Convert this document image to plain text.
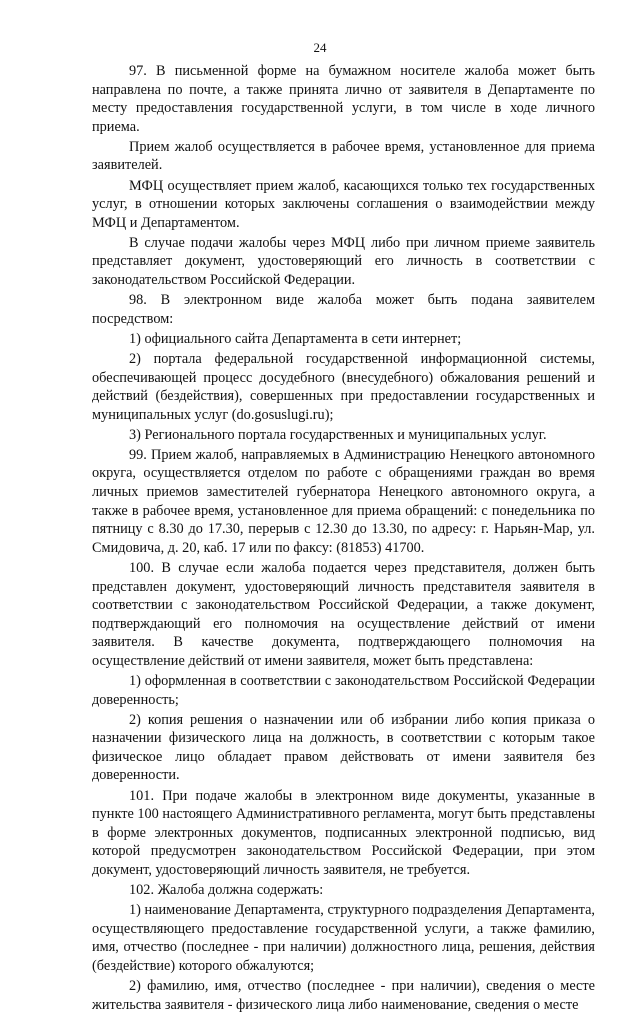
24

97. В письменной форме на бумажном носителе жалоба может быть направлена по почте, а также принята лично от заявителя в Департаменте по месту предоставления государственной услуги, в том числе в ходе личного приема.

Прием жалоб осуществляется в рабочее время, установленное для приема заявителей.

МФЦ осуществляет прием жалоб, касающихся только тех государственных услуг, в отношении которых заключены соглашения о взаимодействии между МФЦ и Департаментом.

В случае подачи жалобы через МФЦ либо при личном приеме заявитель представляет документ, удостоверяющий его личность в соответствии с законодательством Российской Федерации.

98. В электронном виде жалоба может быть подана заявителем посредством:

1) официального сайта Департамента в сети интернет;

2) портала федеральной государственной информационной системы, обеспечивающей процесс досудебного (внесудебного) обжалования решений и действий (бездействия), совершенных при предоставлении государственных и муниципальных услуг (do.gosuslugi.ru);

3) Регионального портала государственных и муниципальных услуг.

99. Прием жалоб, направляемых в Администрацию Ненецкого автономного округа, осуществляется отделом по работе с обращениями граждан во время личных приемов заместителей губернатора Ненецкого автономного округа, а также в рабочее время, установленное для приема обращений: с понедельника по пятницу с 8.30 до 17.30, перерыв с 12.30 до 13.30, по адресу: г. Нарьян-Мар, ул. Смидовича, д. 20, каб. 17 или по факсу: (81853) 41700.

100. В случае если жалоба подается через представителя, должен быть представлен документ, удостоверяющий личность представителя заявителя в соответствии с законодательством Российской Федерации, а также документ, подтверждающий его полномочия на осуществление действий от имени заявителя. В качестве документа, подтверждающего полномочия на осуществление действий от имени заявителя, может быть представлена:

1) оформленная в соответствии с законодательством Российской Федерации доверенность;

2) копия решения о назначении или об избрании либо копия приказа о назначении физического лица на должность, в соответствии с которым такое физическое лицо обладает правом действовать от имени заявителя без доверенности.

101. При подаче жалобы в электронном виде документы, указанные в пункте 100 настоящего Административного регламента, могут быть представлены в форме электронных документов, подписанных электронной подписью, вид которой предусмотрен законодательством Российской Федерации, при этом документ, удостоверяющий личность заявителя, не требуется.

102. Жалоба должна содержать:

1) наименование Департамента, структурного подразделения Департамента, осуществляющего предоставление государственной услуги, а также фамилию, имя, отчество (последнее - при наличии) должностного лица, решения, действия (бездействие) которого обжалуются;

2) фамилию, имя, отчество (последнее - при наличии), сведения о месте жительства заявителя - физического лица либо наименование, сведения о месте
